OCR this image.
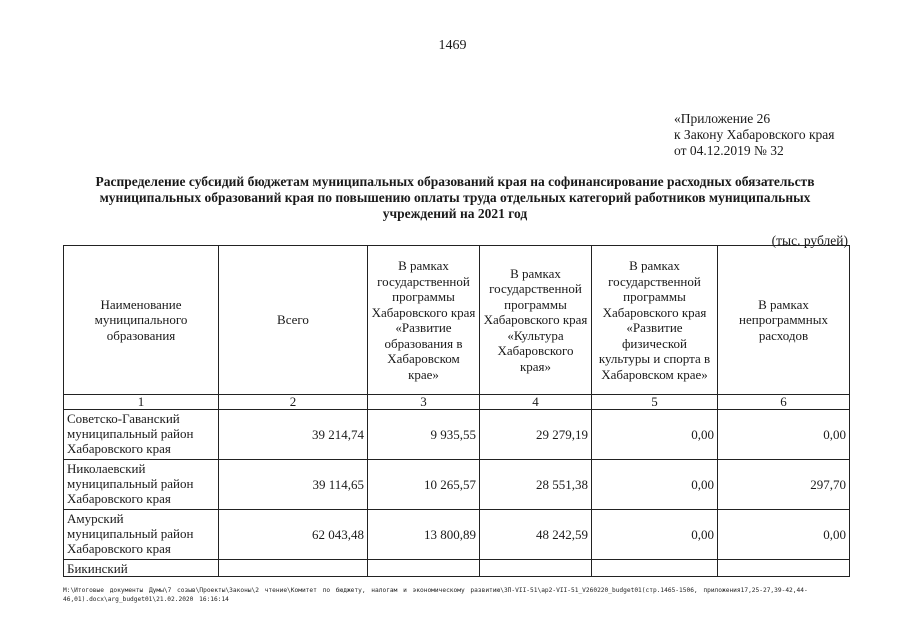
1469
«Приложение 26
к Закону Хабаровского края
от 04.12.2019 № 32
Распределение субсидий бюджетам муниципальных образований края на софинансирование расходных обязательств
муниципальных образований края по повышению оплаты труда отдельных категорий работников муниципальных
учреждений на 2021 год
(тыс. рублей)
Наименование муниципального образования	Всего	В рамках государственной программы Хабаровского края «Развитие образования в Хабаровском крае»	В рамках государственной программы Хабаровского края «Культура Хабаровского края»	В рамках государственной программы Хабаровского края «Развитие физической культуры и спорта в Хабаровском крае»	В рамках непрограммных расходов
1	2	3	4	5	6
Советско-Гаванский муниципальный район Хабаровского края	39 214,74	9 935,55	29 279,19	0,00	0,00
Николаевский муниципальный район Хабаровского края	39 114,65	10 265,57	28 551,38	0,00	297,70
Амурский муниципальный район Хабаровского края	62 043,48	13 800,89	48 242,59	0,00	0,00
Бикинский					
M:\Итоговые документы Думы\7 созыв\Проекты\Законы\2 чтение\Комитет по бюджету, налогам и экономическому развитию\ЗП-VII-51\ар2-VII-51_V260220_budget01(стр.1465-1506, приложения17,25-27,39-42,44-46,01).docx\arg_budget01\21.02.2020 16:16:14
